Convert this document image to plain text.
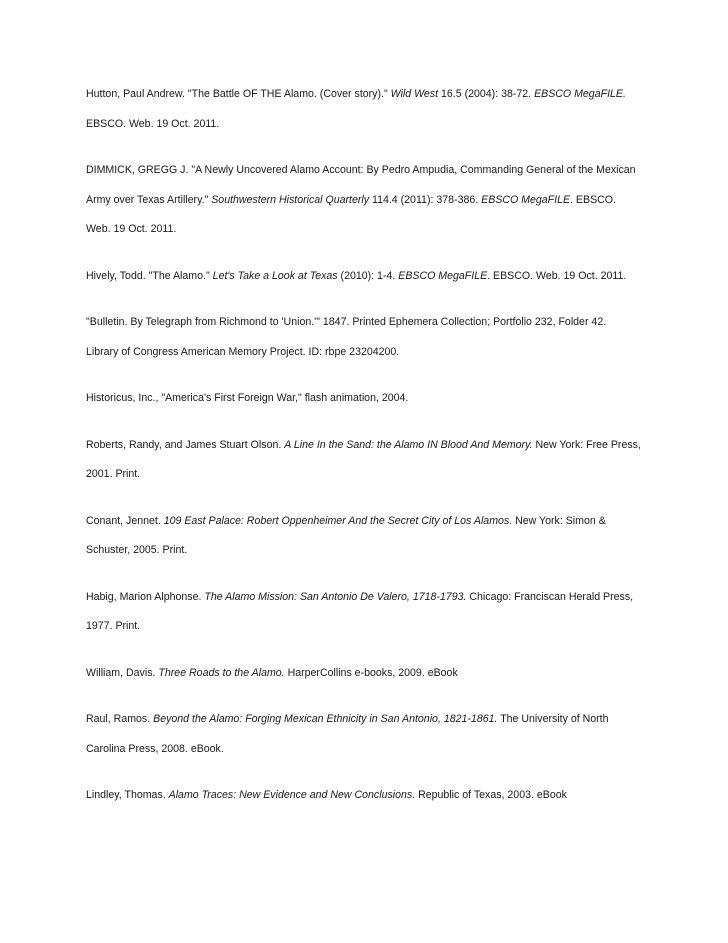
Hutton, Paul Andrew. "The Battle OF THE Alamo. (Cover story)." Wild West 16.5 (2004): 38-72. EBSCO MegaFILE.
EBSCO. Web. 19 Oct. 2011.
DIMMICK, GREGG J. "A Newly Uncovered Alamo Account: By Pedro Ampudia, Commanding General of the Mexican
Army over Texas Artillery." Southwestern Historical Quarterly 114.4 (2011): 378-386. EBSCO MegaFILE. EBSCO.
Web. 19 Oct. 2011.
Hively, Todd. "The Alamo." Let's Take a Look at Texas (2010): 1-4. EBSCO MegaFILE. EBSCO. Web. 19 Oct. 2011.
"Bulletin. By Telegraph from Richmond to 'Union.'" 1847. Printed Ephemera Collection; Portfolio 232, Folder 42.
Library of Congress American Memory Project. ID: rbpe 23204200.
Historicus, Inc., "America's First Foreign War," flash animation, 2004.
Roberts, Randy, and James Stuart Olson. A Line In the Sand: the Alamo IN Blood And Memory. New York: Free Press,
2001. Print.
Conant, Jennet. 109 East Palace: Robert Oppenheimer And the Secret City of Los Alamos. New York: Simon &
Schuster, 2005. Print.
Habig, Marion Alphonse. The Alamo Mission: San Antonio De Valero, 1718-1793. Chicago: Franciscan Herald Press,
1977. Print.
William, Davis. Three Roads to the Alamo. HarperCollins e-books, 2009. eBook
Raul, Ramos. Beyond the Alamo: Forging Mexican Ethnicity in San Antonio, 1821-1861. The University of North
Carolina Press, 2008. eBook.
Lindley, Thomas. Alamo Traces: New Evidence and New Conclusions. Republic of Texas, 2003. eBook
